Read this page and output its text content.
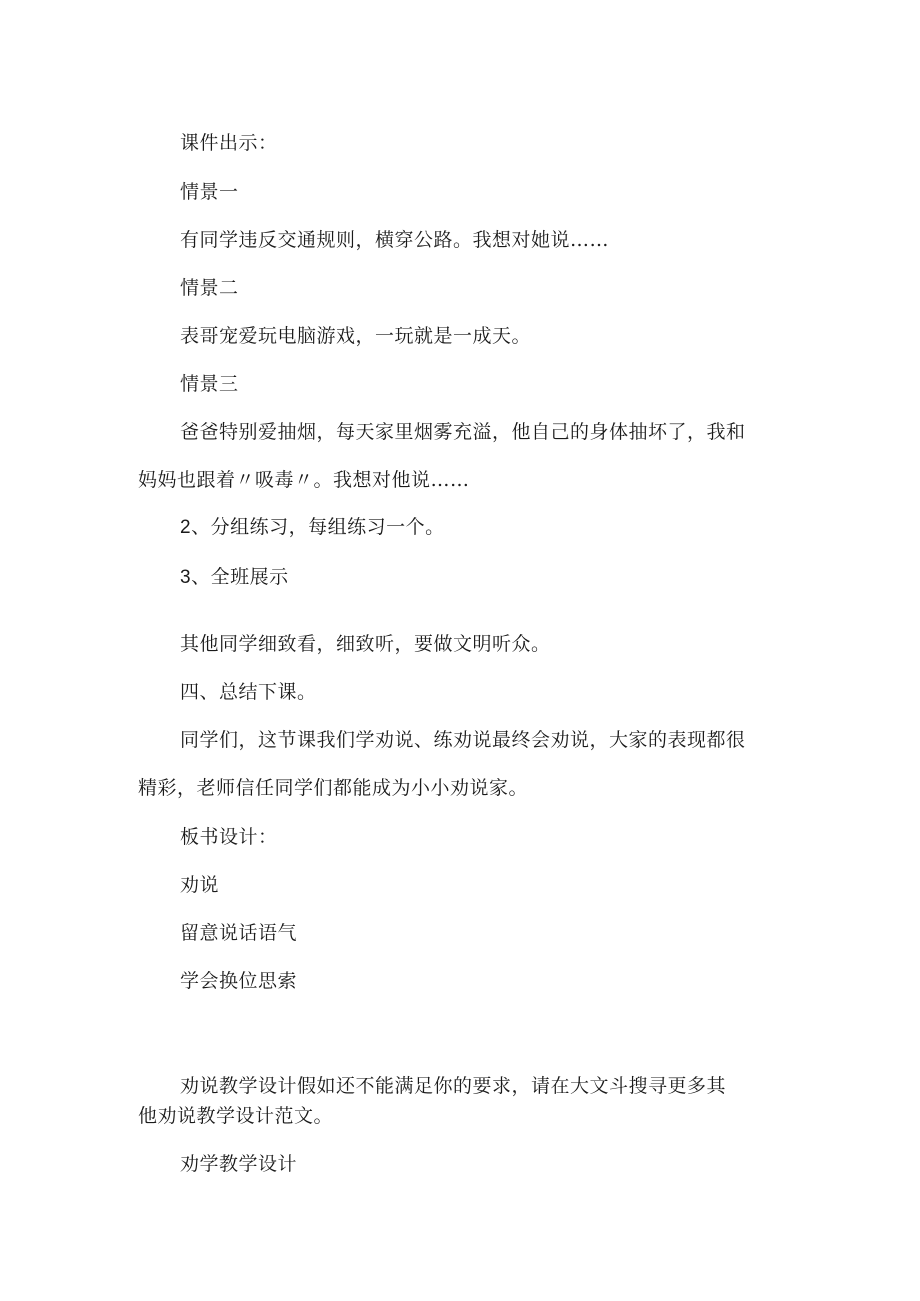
课件出示：
情景一
有同学违反交通规则，横穿公路。我想对她说……
情景二
表哥宠爱玩电脑游戏，一玩就是一成天。
情景三
爸爸特别爱抽烟，每天家里烟雾充溢，他自己的身体抽坏了，我和
妈妈也跟着〃吸毒〃。我想对他说……
2、分组练习，每组练习一个。
3、全班展示
其他同学细致看，细致听，要做文明听众。
四、总结下课。
同学们，这节课我们学劝说、练劝说最终会劝说，大家的表现都很
精彩，老师信任同学们都能成为小小劝说家。
板书设计：
劝说
留意说话语气
学会换位思索
劝说教学设计假如还不能满足你的要求，请在大文斗搜寻更多其
他劝说教学设计范文。
劝学教学设计
